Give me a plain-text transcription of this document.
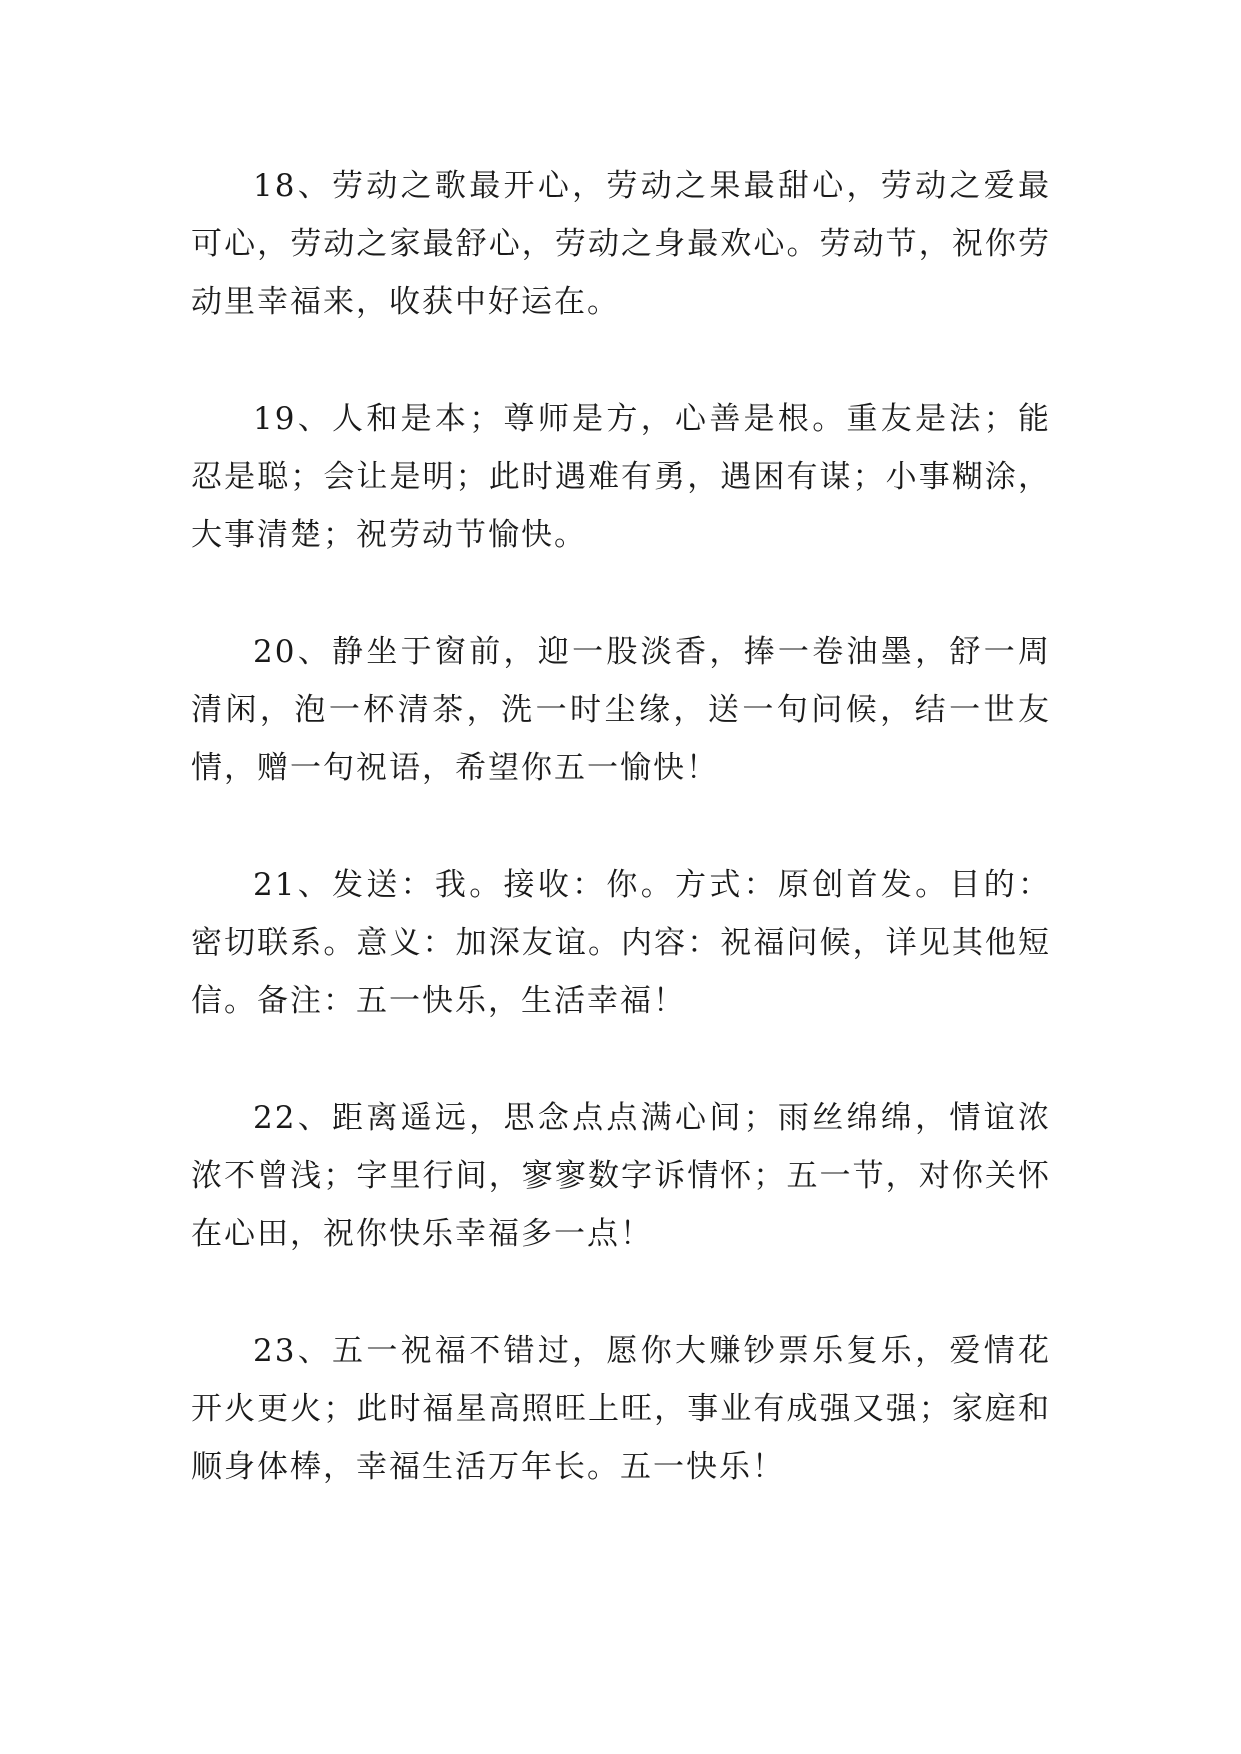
18、劳动之歌最开心，劳动之果最甜心，劳动之爱最可心，劳动之家最舒心，劳动之身最欢心。劳动节，祝你劳动里幸福来，收获中好运在。

19、人和是本；尊师是方，心善是根。重友是法；能忍是聪；会让是明；此时遇难有勇，遇困有谋；小事糊涂，大事清楚；祝劳动节愉快。

20、静坐于窗前，迎一股淡香，捧一卷油墨，舒一周清闲，泡一杯清茶，洗一时尘缘，送一句问候，结一世友情，赠一句祝语，希望你五一愉快！

21、发送：我。接收：你。方式：原创首发。目的：密切联系。意义：加深友谊。内容：祝福问候，详见其他短信。备注：五一快乐，生活幸福！

22、距离遥远，思念点点满心间；雨丝绵绵，情谊浓浓不曾浅；字里行间，寥寥数字诉情怀；五一节，对你关怀在心田，祝你快乐幸福多一点！

23、五一祝福不错过，愿你大赚钞票乐复乐，爱情花开火更火；此时福星高照旺上旺，事业有成强又强；家庭和顺身体棒，幸福生活万年长。五一快乐！
